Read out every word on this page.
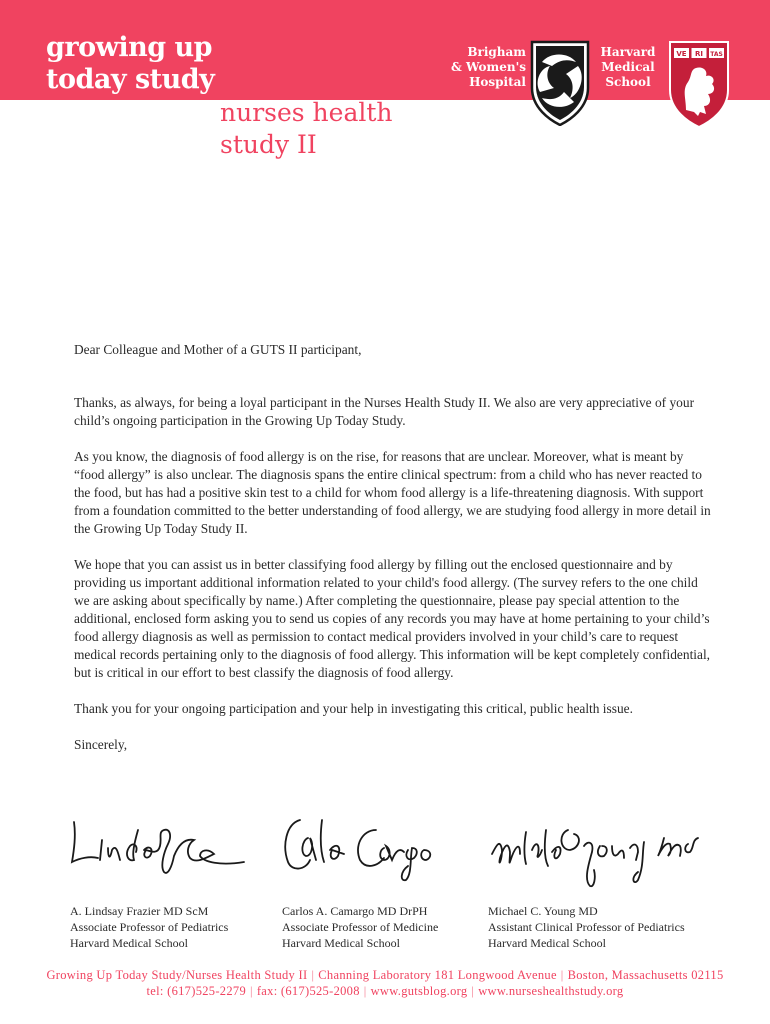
growing up
today study
nurses health
study II
Brigham
& Women's
Hospital
Harvard
Medical
School
VE RI TAS

Dear Colleague and Mother of a GUTS II participant,

Thanks, as always, for being a loyal participant in the Nurses Health Study II. We also are very appreciative of your child’s ongoing participation in the Growing Up Today Study.

As you know, the diagnosis of food allergy is on the rise, for reasons that are unclear. Moreover, what is meant by “food allergy” is also unclear. The diagnosis spans the entire clinical spectrum: from a child who has never reacted to the food, but has had a positive skin test to a child for whom food allergy is a life-threatening diagnosis. With support from a foundation committed to the better understanding of food allergy, we are studying food allergy in more detail in the Growing Up Today Study II.

We hope that you can assist us in better classifying food allergy by filling out the enclosed questionnaire and by providing us important additional information related to your child's food allergy. (The survey refers to the one child we are asking about specifically by name.) After completing the questionnaire, please pay special attention to the additional, enclosed form asking you to send us copies of any records you may have at home pertaining to your child’s food allergy diagnosis as well as permission to contact medical providers involved in your child’s care to request medical records pertaining only to the diagnosis of food allergy. This information will be kept completely confidential, but is critical in our effort to best classify the diagnosis of food allergy.

Thank you for your ongoing participation and your help in investigating this critical, public health issue.

Sincerely,

A. Lindsay Frazier MD ScM
Associate Professor of Pediatrics
Harvard Medical School
Carlos A. Camargo MD DrPH
Associate Professor of Medicine
Harvard Medical School
Michael C. Young MD
Assistant Clinical Professor of Pediatrics
Harvard Medical School
Growing Up Today Study/Nurses Health Study II | Channing Laboratory 181 Longwood Avenue | Boston, Massachusetts 02115
tel: (617)525-2279 | fax: (617)525-2008 | www.gutsblog.org | www.nurseshealthstudy.org
